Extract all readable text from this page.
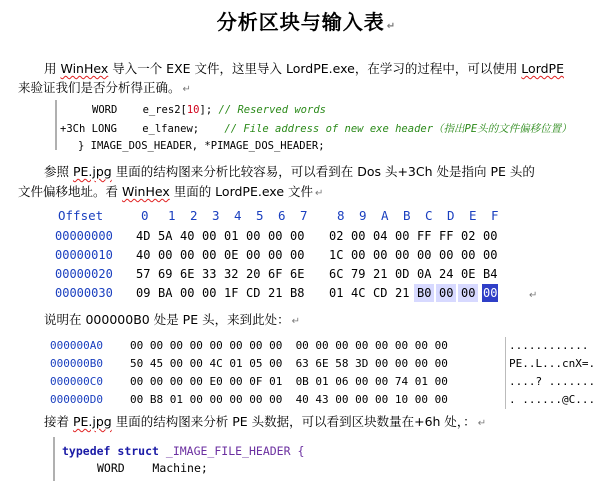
分析区块与输入表 ↵
用 WinHex 导入一个 EXE 文件，这里导入 LordPE.exe，在学习的过程中，可以使用 LordPE
来验证我们是否分析得正确。 ↵
WORD e_res2[10]; // Reserved words
+3Ch LONG e_lfanew; // File address of new exe header（指出PE头的文件偏移位置）
} IMAGE_DOS_HEADER, *PIMAGE_DOS_HEADER;
参照 PE.jpg 里面的结构图来分析比较容易，可以看到在 Dos 头+3Ch 处是指向 PE 头的
文件偏移地址。看 WinHex 里面的 LordPE.exe 文件 ↵
Offset	0 1 2 3 4 5 6 7 8 9 A B C D E F
00000000 4D 5A 40 00 01 00 00 00 02 00 04 00 FF FF 02 00
00000010 40 00 00 00 0E 00 00 00 1C 00 00 00 00 00 00 00
00000020 57 69 6E 33 32 20 6F 6E 6C 79 21 0D 0A 24 0E B4
00000030 09 BA 00 00 1F CD 21 B8 01 4C CD 21 B0 00 00 00	↵
说明在 000000B0 处是 PE 头，来到此处： ↵
000000A0 00 00 00 00 00 00 00 00  00 00 00 00 00 00 00 00	............
000000B0 50 45 00 00 4C 01 05 00  63 6E 58 3D 00 00 00 00	PE..L...cnX=.
000000C0 00 00 00 00 E0 00 0F 01  0B 01 06 00 00 74 01 00	....? .......
000000D0 00 B8 01 00 00 00 00 00  40 43 00 00 00 10 00 00	. ......@C...
接着 PE.jpg 里面的结构图来分析 PE 头数据，可以看到区块数量在+6h 处，： ↵
typedef struct _IMAGE_FILE_HEADER {
WORD Machine;
